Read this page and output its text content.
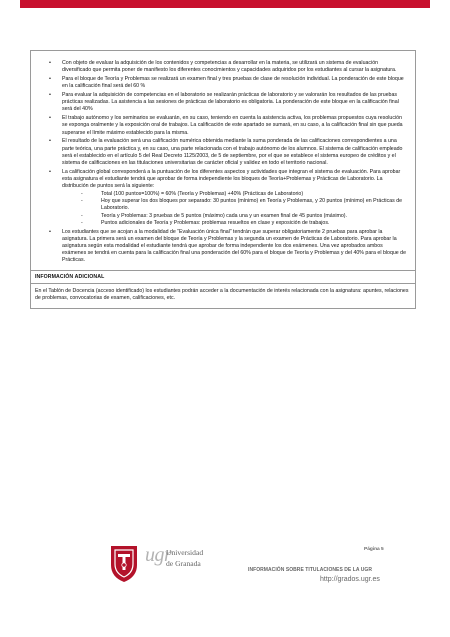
• Con objeto de evaluar la adquisición de los contenidos y competencias a desarrollar en la materia, se utilizará un sistema de evaluación diversificado que permita poner de manifiesto los diferentes conocimientos y capacidades adquiridos por los estudiantes al cursar la asignatura.
• Para el bloque de Teoría y Problemas se realizará un examen final y tres pruebas de clase de resolución individual. La ponderación de este bloque en la calificación final será del 60 %
• Para evaluar la adquisición de competencias en el laboratorio se realizarán prácticas de laboratorio y se valorarán los resultados de las pruebas prácticas realizadas. La asistencia a las sesiones de prácticas de laboratorio es obligatoria. La ponderación de este bloque en la calificación final será del 40%
• El trabajo autónomo y los seminarios se evaluarán, en su caso, teniendo en cuenta la asistencia activa, los problemas propuestos cuya resolución se exponga oralmente y la exposición oral de trabajos. La calificación de este apartado se sumará, en su caso, a la calificación final sin que pueda superarse el límite máximo establecido para la misma.
• El resultado de la evaluación será una calificación numérica obtenida mediante la suma ponderada de las calificaciones correspondientes a una parte teórica, una parte práctica y, en su caso, una parte relacionada con el trabajo autónomo de los alumnos. El sistema de calificación empleado será el establecido en el artículo 5 del Real Decreto 1125/2003, de 5 de septiembre, por el que se establece el sistema europeo de créditos y el sistema de calificaciones en las titulaciones universitarias de carácter oficial y validez en todo el territorio nacional.
• La calificación global corresponderá a la puntuación de los diferentes aspectos y actividades que integran el sistema de evaluación. Para aprobar esta asignatura el estudiante tendrá que aprobar de forma independiente los bloques de Teoría+Problemas y Prácticas de Laboratorio. La distribución de puntos será la siguiente:
- Total (100 puntos=100%) = 60% (Teoría y Problemas) +40% (Prácticas de Laboratorio)
- Hoy que superar los dos bloques por separado: 30 puntos (mínimo) en Teoría y Problemas, y 20 puntos (mínimo) en Prácticas de Laboratorio.
- Teoría y Problemas: 3 pruebas de 5 puntos (máximo) cada una y un examen final de 45 puntos (máximo).
- Puntos adicionales de Teoría y Problemas: problemas resueltos en clase y exposición de trabajos.
• Los estudiantes que se acojan a la modalidad de “Evaluación única final” tendrán que superar obligatoriamente 2 pruebas para aprobar la asignatura. La primera será un examen del bloque de Teoría y Problemas y la segunda un examen de Prácticas de Laboratorio. Para aprobar la asignatura según esta modalidad el estudiante tendrá que aprobar de forma independiente los dos exámenes. Una vez aprobados ambos exámenes se tendrá en cuenta para la calificación final una ponderación del 60% para el bloque de Teoría y Problemas y del 40% para el bloque de Prácticas.
INFORMACIÓN ADICIONAL
En el Tablón de Docencia (acceso identificado) los estudiantes podrán acceder a la documentación de interés relacionada con la asignatura: apuntes, relaciones de problemas, convocatorias de examen, calificaciones, etc.
ugr
Universidad
de Granada
Página 5
INFORMACIÓN SOBRE TITULACIONES DE LA UGR
http://grados.ugr.es
